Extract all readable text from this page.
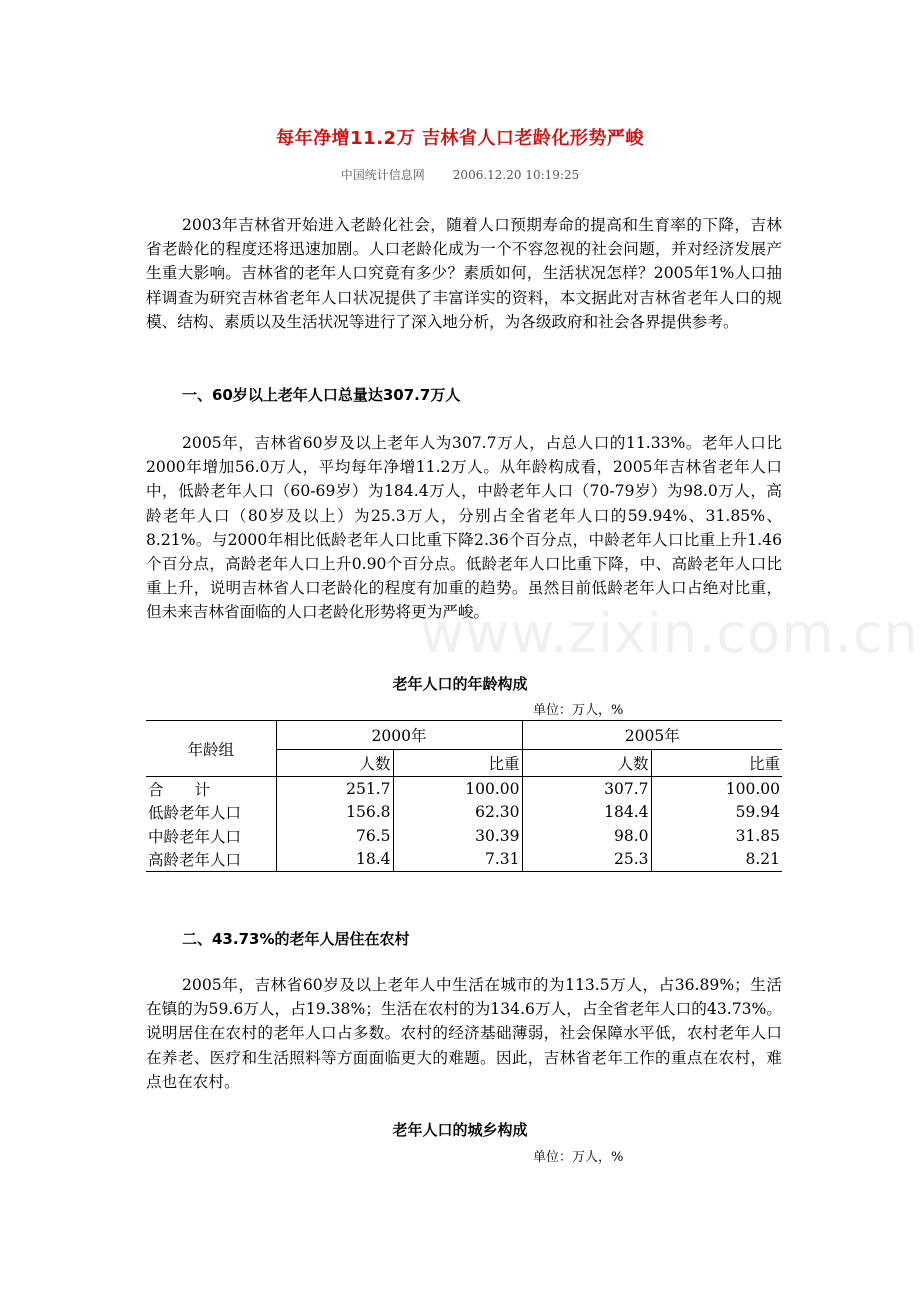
每年净增11.2万 吉林省人口老龄化形势严峻
中国统计信息网 2006.12.20 10:19:25
2003年吉林省开始进入老龄化社会，随着人口预期寿命的提高和生育率的下降，吉林省老龄化的程度还将迅速加剧。人口老龄化成为一个不容忽视的社会问题，并对经济发展产生重大影响。吉林省的老年人口究竟有多少？素质如何，生活状况怎样？2005年1%人口抽样调查为研究吉林省老年人口状况提供了丰富详实的资料，本文据此对吉林省老年人口的规模、结构、素质以及生活状况等进行了深入地分析，为各级政府和社会各界提供参考。
一、60岁以上老年人口总量达307.7万人
2005年，吉林省60岁及以上老年人为307.7万人，占总人口的11.33%。老年人口比2000年增加56.0万人，平均每年净增11.2万人。从年龄构成看，2005年吉林省老年人口中，低龄老年人口（60-69岁）为184.4万人，中龄老年人口（70-79岁）为98.0万人，高龄老年人口（80岁及以上）为25.3万人，分别占全省老年人口的59.94%、31.85%、8.21%。与2000年相比低龄老年人口比重下降2.36个百分点，中龄老年人口比重上升1.46个百分点，高龄老年人口上升0.90个百分点。低龄老年人口比重下降，中、高龄老年人口比重上升，说明吉林省人口老龄化的程度有加重的趋势。虽然目前低龄老年人口占绝对比重，但未来吉林省面临的人口老龄化形势将更为严峻。
www.zixin.com.cn
老年人口的年龄构成
单位：万人，%
年龄组	2000年		2005年	
	人数	比重	人数	比重
合　　计	251.7	100.00	307.7	100.00
低龄老年人口	156.8	62.30	184.4	59.94
中龄老年人口	76.5	30.39	98.0	31.85
高龄老年人口	18.4	7.31	25.3	8.21
二、43.73%的老年人居住在农村
2005年，吉林省60岁及以上老年人中生活在城市的为113.5万人，占36.89%；生活在镇的为59.6万人，占19.38%；生活在农村的为134.6万人，占全省老年人口的43.73%。说明居住在农村的老年人口占多数。农村的经济基础薄弱，社会保障水平低，农村老年人口在养老、医疗和生活照料等方面面临更大的难题。因此，吉林省老年工作的重点在农村，难点也在农村。
老年人口的城乡构成
单位：万人，%
